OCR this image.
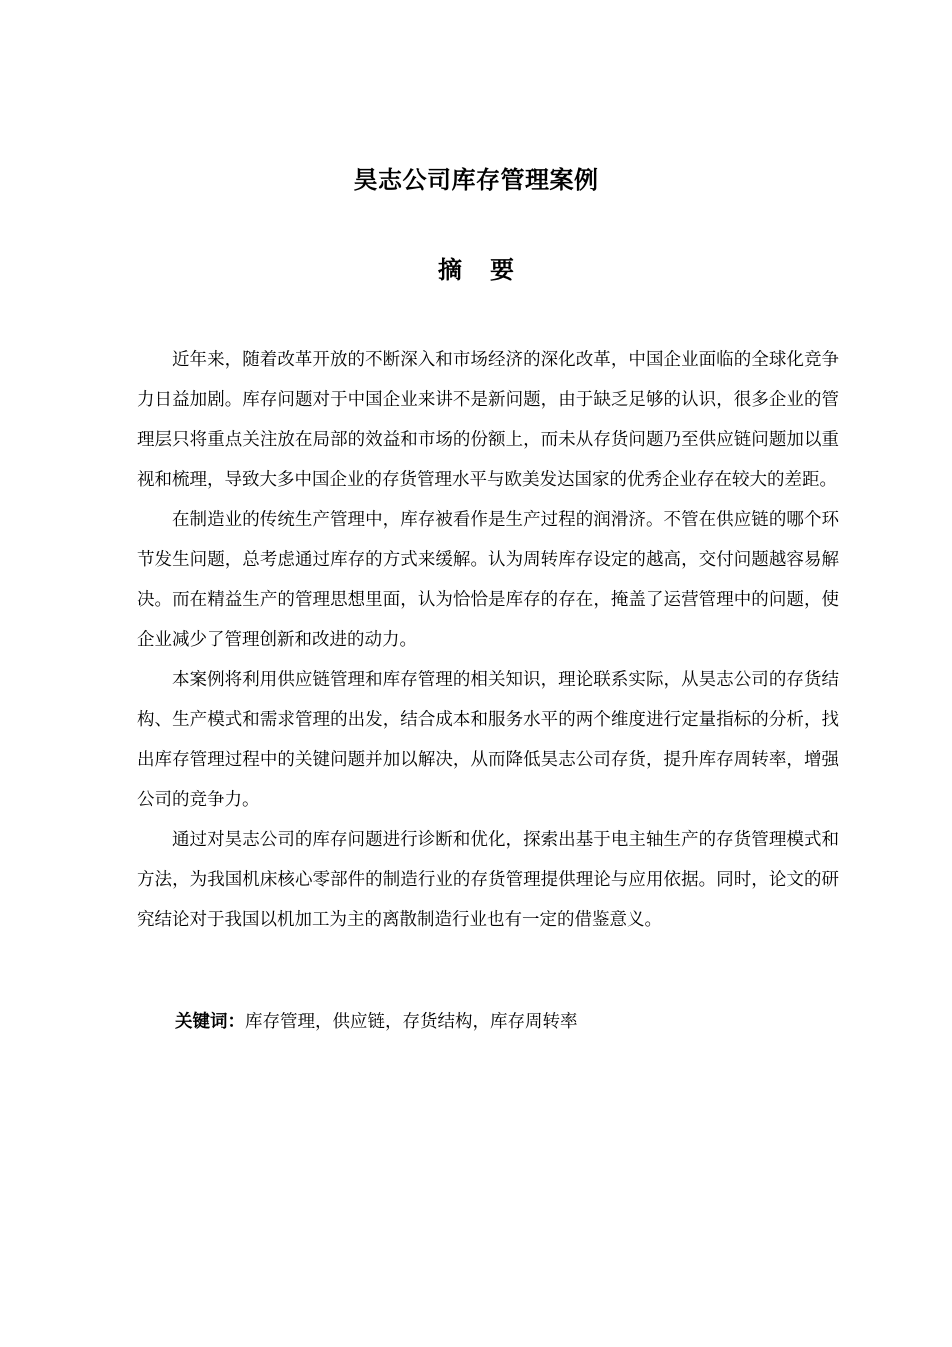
昊志公司库存管理案例
摘要

近年来，随着改革开放的不断深入和市场经济的深化改革，中国企业面临的全球化竞争力日益加剧。库存问题对于中国企业来讲不是新问题，由于缺乏足够的认识，很多企业的管理层只将重点关注放在局部的效益和市场的份额上，而未从存货问题乃至供应链问题加以重视和梳理，导致大多中国企业的存货管理水平与欧美发达国家的优秀企业存在较大的差距。

在制造业的传统生产管理中，库存被看作是生产过程的润滑济。不管在供应链的哪个环节发生问题，总考虑通过库存的方式来缓解。认为周转库存设定的越高，交付问题越容易解决。而在精益生产的管理思想里面，认为恰恰是库存的存在，掩盖了运营管理中的问题，使企业减少了管理创新和改进的动力。

本案例将利用供应链管理和库存管理的相关知识，理论联系实际，从昊志公司的存货结构、生产模式和需求管理的出发，结合成本和服务水平的两个维度进行定量指标的分析，找出库存管理过程中的关键问题并加以解决，从而降低昊志公司存货，提升库存周转率，增强公司的竞争力。

通过对昊志公司的库存问题进行诊断和优化，探索出基于电主轴生产的存货管理模式和方法，为我国机床核心零部件的制造行业的存货管理提供理论与应用依据。同时，论文的研究结论对于我国以机加工为主的离散制造行业也有一定的借鉴意义。

关键词：库存管理，供应链，存货结构，库存周转率
